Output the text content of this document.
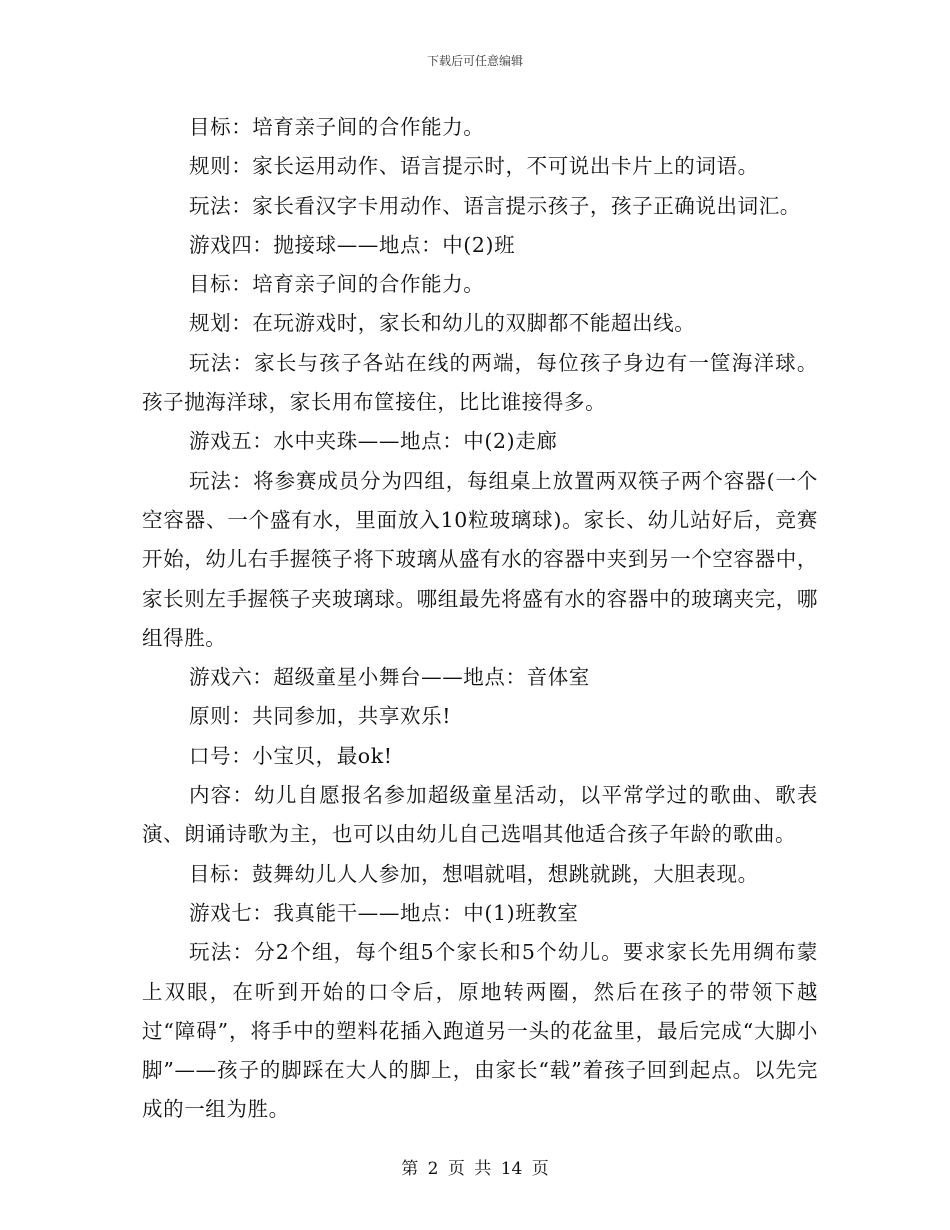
下载后可任意编辑

目标：培育亲子间的合作能力。

规则：家长运用动作、语言提示时，不可说出卡片上的词语。

玩法：家长看汉字卡用动作、语言提示孩子，孩子正确说出词汇。

游戏四：抛接球——地点：中(2)班

目标：培育亲子间的合作能力。

规划：在玩游戏时，家长和幼儿的双脚都不能超出线。

玩法：家长与孩子各站在线的两端，每位孩子身边有一筐海洋球。孩子抛海洋球，家长用布筐接住，比比谁接得多。

游戏五：水中夹珠——地点：中(2)走廊

玩法：将参赛成员分为四组，每组桌上放置两双筷子两个容器(一个空容器、一个盛有水，里面放入10粒玻璃球)。家长、幼儿站好后，竞赛开始，幼儿右手握筷子将下玻璃从盛有水的容器中夹到另一个空容器中，家长则左手握筷子夹玻璃球。哪组最先将盛有水的容器中的玻璃夹完，哪组得胜。

游戏六：超级童星小舞台——地点：音体室

原则：共同参加，共享欢乐!

口号：小宝贝，最ok!

内容：幼儿自愿报名参加超级童星活动，以平常学过的歌曲、歌表演、朗诵诗歌为主，也可以由幼儿自己选唱其他适合孩子年龄的歌曲。

目标：鼓舞幼儿人人参加，想唱就唱，想跳就跳，大胆表现。

游戏七：我真能干——地点：中(1)班教室

玩法：分2个组，每个组5个家长和5个幼儿。要求家长先用绸布蒙上双眼，在听到开始的口令后，原地转两圈，然后在孩子的带领下越过“障碍”，将手中的塑料花插入跑道另一头的花盆里，最后完成“大脚小脚”——孩子的脚踩在大人的脚上，由家长“载”着孩子回到起点。以先完成的一组为胜。

第 2 页 共 14 页
